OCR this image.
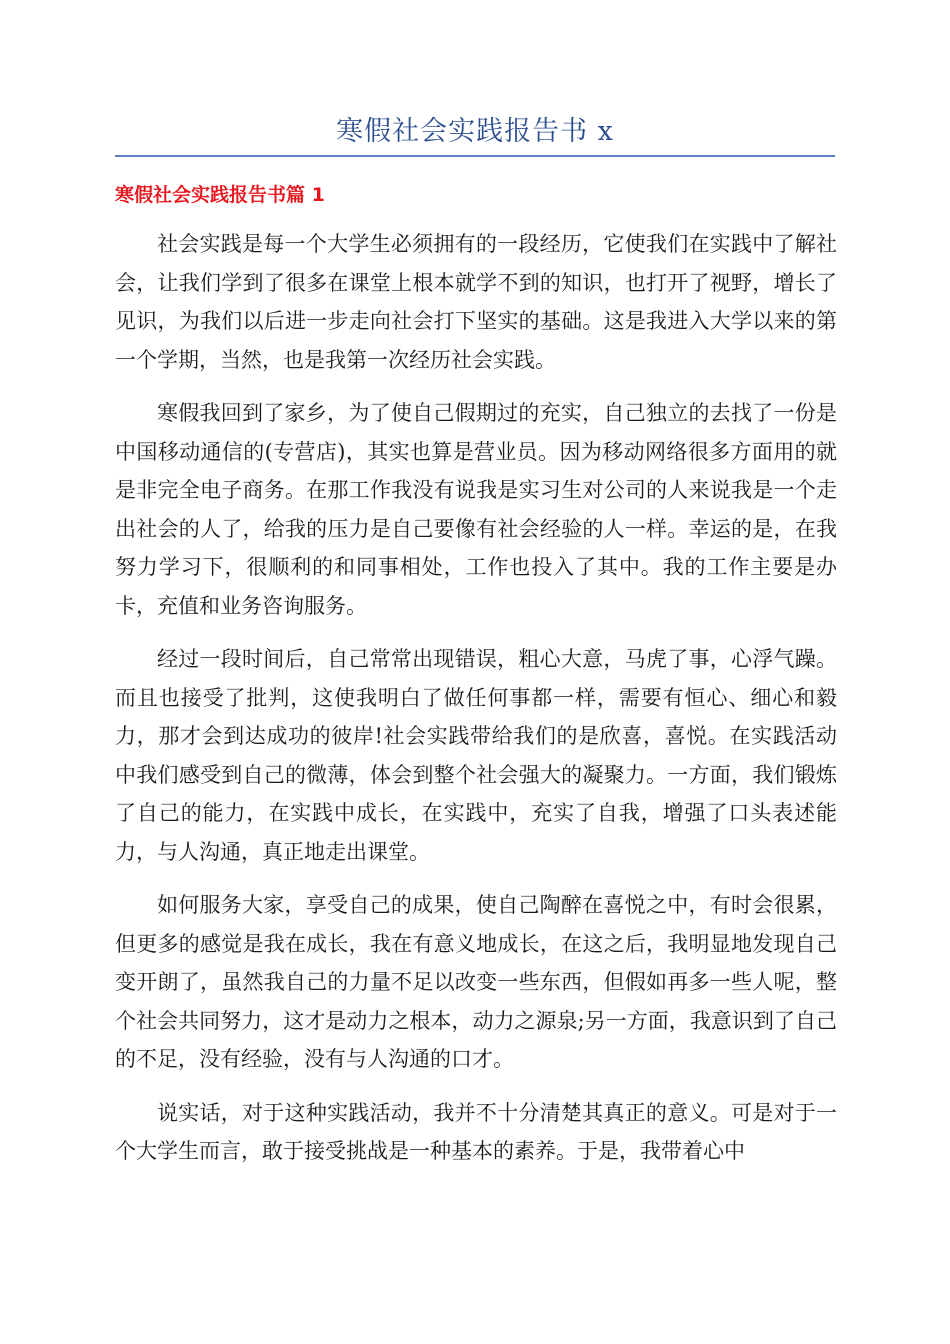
寒假社会实践报告书 x
寒假社会实践报告书篇 1

社会实践是每一个大学生必须拥有的一段经历，它使我们在实践中了解社会，让我们学到了很多在课堂上根本就学不到的知识，也打开了视野，增长了见识，为我们以后进一步走向社会打下坚实的基础。这是我进入大学以来的第一个学期，当然，也是我第一次经历社会实践。

寒假我回到了家乡，为了使自己假期过的充实，自己独立的去找了一份是中国移动通信的(专营店)，其实也算是营业员。因为移动网络很多方面用的就是非完全电子商务。在那工作我没有说我是实习生对公司的人来说我是一个走出社会的人了，给我的压力是自己要像有社会经验的人一样。幸运的是，在我努力学习下，很顺利的和同事相处，工作也投入了其中。我的工作主要是办卡，充值和业务咨询服务。

经过一段时间后，自己常常出现错误，粗心大意，马虎了事，心浮气躁。而且也接受了批判，这使我明白了做任何事都一样，需要有恒心、细心和毅力，那才会到达成功的彼岸!社会实践带给我们的是欣喜，喜悦。在实践活动中我们感受到自己的微薄，体会到整个社会强大的凝聚力。一方面，我们锻炼了自己的能力，在实践中成长，在实践中，充实了自我，增强了口头表述能力，与人沟通，真正地走出课堂。

如何服务大家，享受自己的成果，使自己陶醉在喜悦之中，有时会很累，但更多的感觉是我在成长，我在有意义地成长，在这之后，我明显地发现自己变开朗了，虽然我自己的力量不足以改变一些东西，但假如再多一些人呢，整个社会共同努力，这才是动力之根本，动力之源泉;另一方面，我意识到了自己的不足，没有经验，没有与人沟通的口才。

说实话，对于这种实践活动，我并不十分清楚其真正的意义。可是对于一个大学生而言，敢于接受挑战是一种基本的素养。于是，我带着心中
